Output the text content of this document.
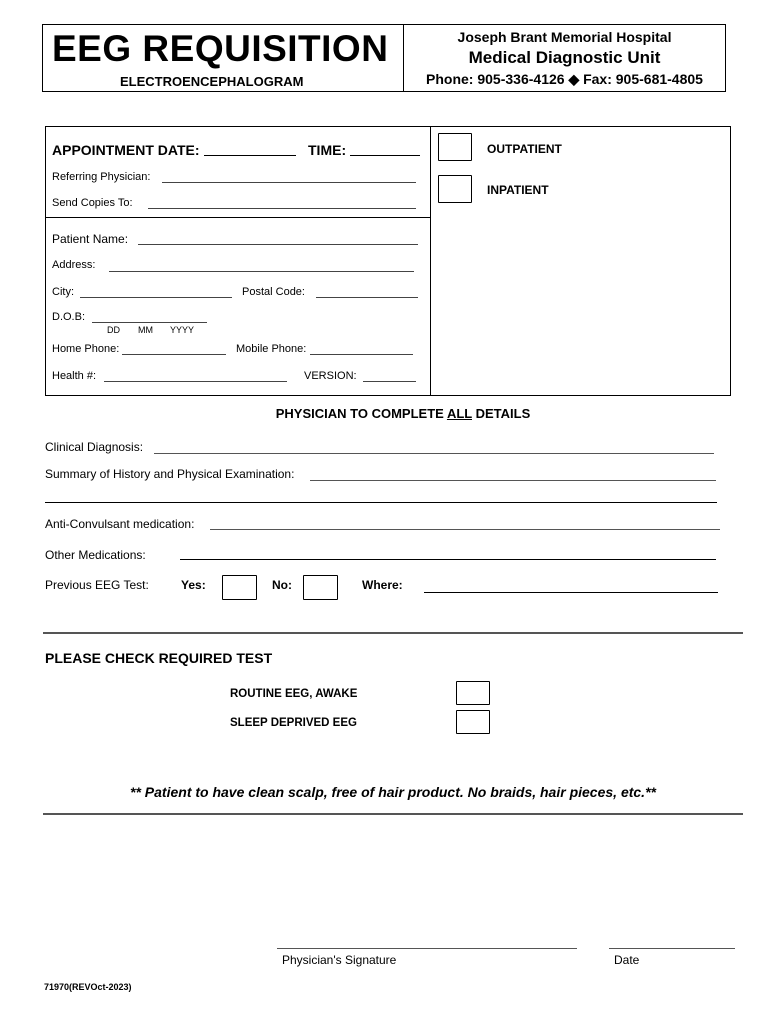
EEG REQUISITION
ELECTROENCEPHALOGRAM
Joseph Brant Memorial Hospital
Medical Diagnostic Unit
Phone: 905-336-4126 ◆ Fax: 905-681-4805
APPOINTMENT DATE:	TIME:
Referring Physician:
Send Copies To:
OUTPATIENT
INPATIENT
Patient Name:
Address:
City:	Postal Code:
D.O.B:
DD MM YYYY
Home Phone:	Mobile Phone:
Health #:	VERSION:
PHYSICIAN TO COMPLETE ALL DETAILS
Clinical Diagnosis:
Summary of History and Physical Examination:
Anti-Convulsant medication:
Other Medications:
Previous EEG Test:	Yes:	No:	Where:
PLEASE CHECK REQUIRED TEST
ROUTINE EEG, AWAKE
SLEEP DEPRIVED EEG
** Patient to have clean scalp, free of hair product. No braids, hair pieces, etc.**
Physician's Signature	Date
71970(REVOct-2023)
